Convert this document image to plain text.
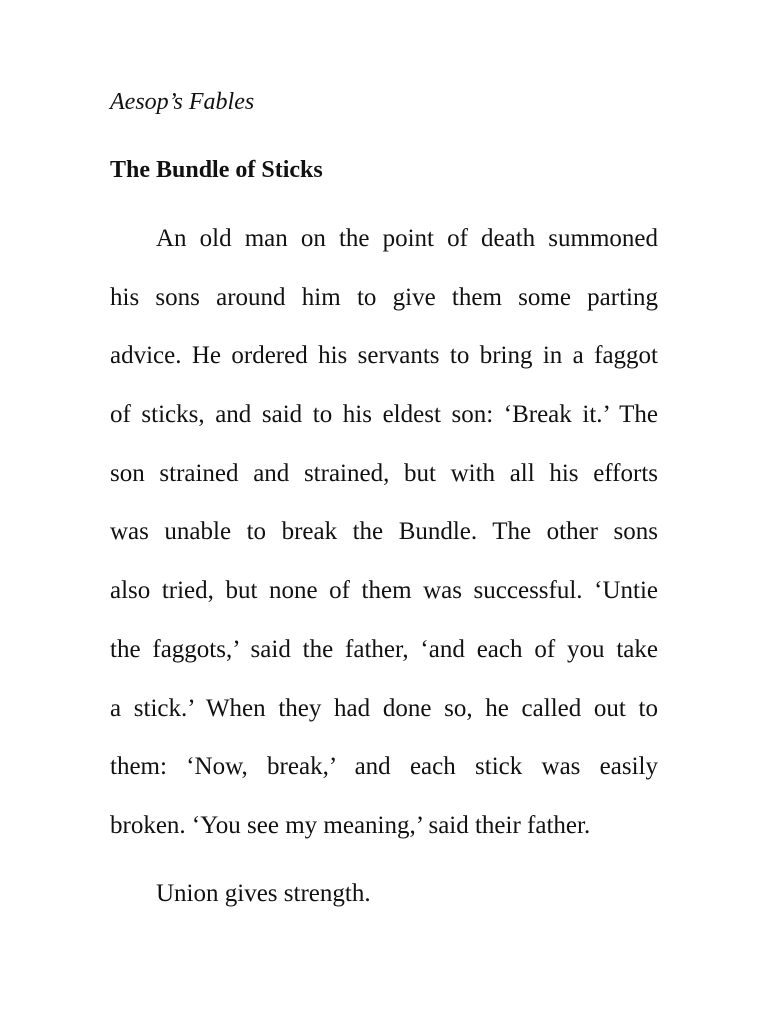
Aesop’s Fables

The Bundle of Sticks
An old man on the point of death summoned
his sons around him to give them some parting
advice. He ordered his servants to bring in a faggot
of sticks, and said to his eldest son: ‘Break it.’ The
son strained and strained, but with all his efforts
was unable to break the Bundle. The other sons
also tried, but none of them was successful. ‘Untie
the faggots,’ said the father, ‘and each of you take
a stick.’ When they had done so, he called out to
them: ‘Now, break,’ and each stick was easily
broken. ‘You see my meaning,’ said their father.

Union gives strength.
